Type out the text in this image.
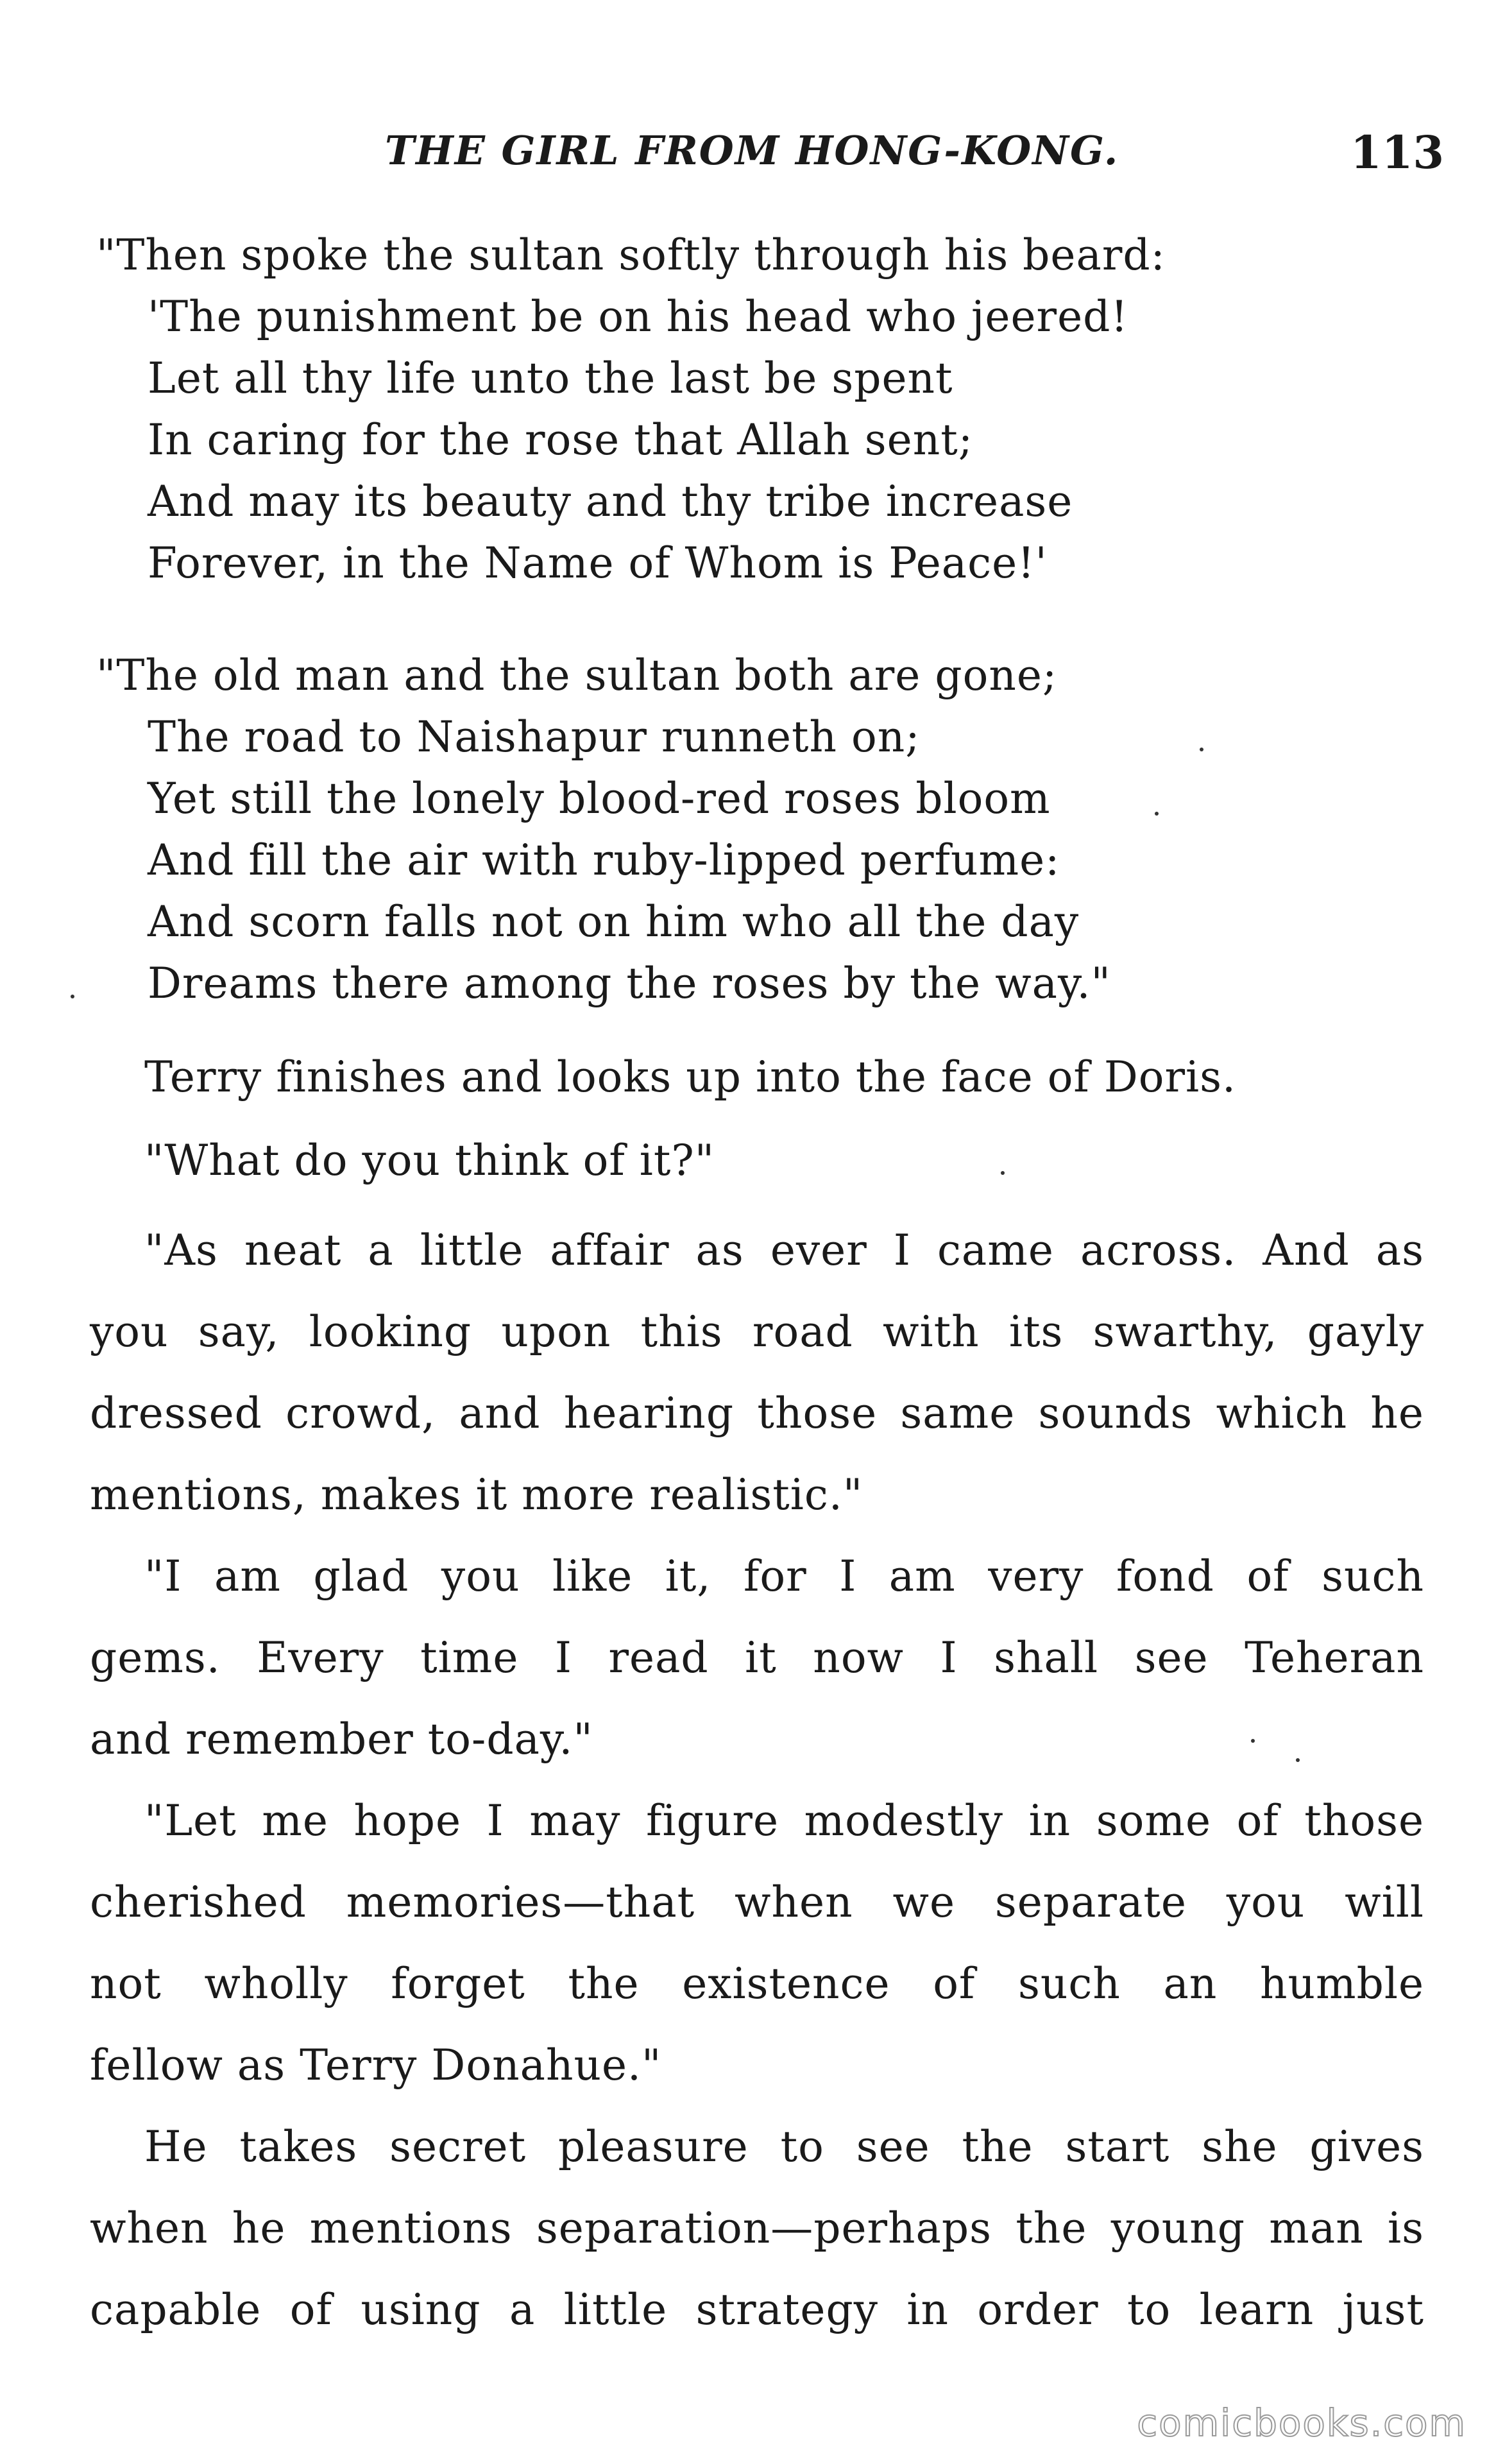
THE GIRL FROM HONG-KONG.	113
"Then spoke the sultan softly through his beard:
'The punishment be on his head who jeered!
Let all thy life unto the last be spent
In caring for the rose that Allah sent;
And may its beauty and thy tribe increase
Forever, in the Name of Whom is Peace!'
"The old man and the sultan both are gone;
The road to Naishapur runneth on;
Yet still the lonely blood-red roses bloom
And fill the air with ruby-lipped perfume:
And scorn falls not on him who all the day
Dreams there among the roses by the way."
Terry finishes and looks up into the face of Doris.
"What do you think of it?"
"As neat a little affair as ever I came across. And as
you say, looking upon this road with its swarthy, gayly
dressed crowd, and hearing those same sounds which he
mentions, makes it more realistic."
"I am glad you like it, for I am very fond of such
gems. Every time I read it now I shall see Teheran
and remember to-day."
"Let me hope I may figure modestly in some of those
cherished memories—that when we separate you will
not wholly forget the existence of such an humble
fellow as Terry Donahue."
He takes secret pleasure to see the start she gives
when he mentions separation—perhaps the young man is
capable of using a little strategy in order to learn just
comicbooks.com
